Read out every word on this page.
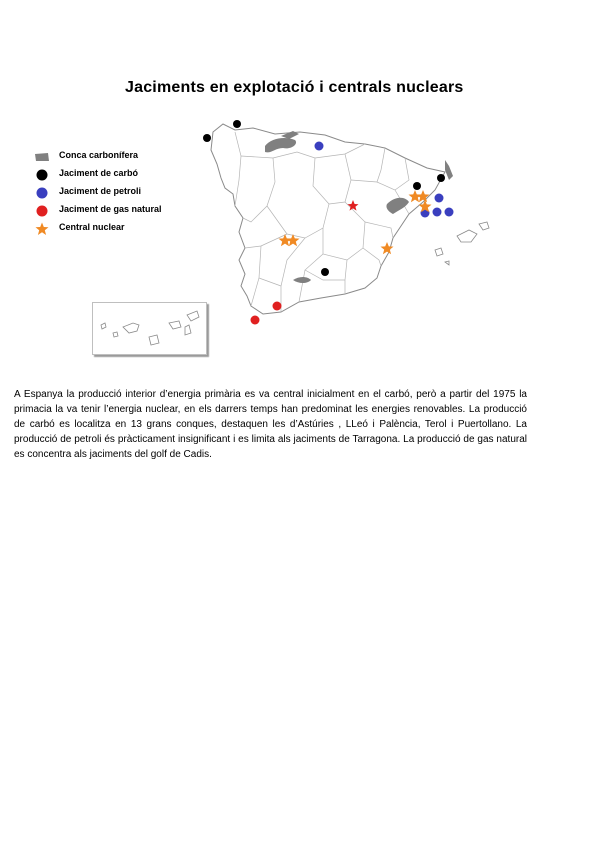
Jaciments en explotació i centrals nuclears
Conca carbonífera
Jaciment de carbó
Jaciment de petroli
Jaciment de gas natural
Central nuclear

A Espanya la producció interior d’energia primària es va central inicialment en el carbó, però a partir del 1975 la primacia la va tenir l’energia nuclear, en els darrers temps han predominat les energies renovables. La producció de carbó es localitza en 13 grans conques, destaquen les d’Astúries , LLeó i Palència, Terol i Puertollano. La producció de petroli és pràcticament insignificant i es limita als jaciments de Tarragona. La producció de gas natural es concentra als jaciments del golf de Cadis.
